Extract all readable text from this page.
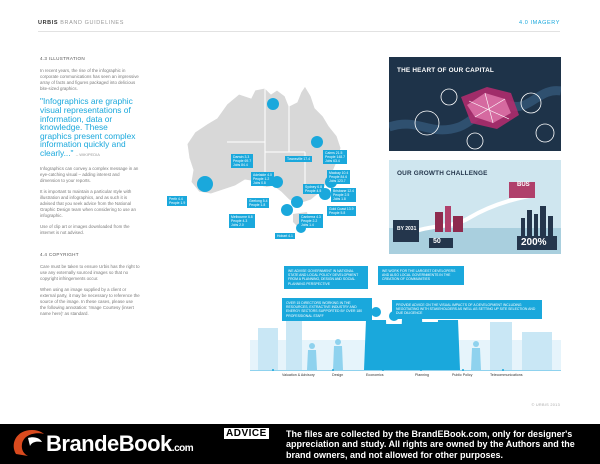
URBIS BRAND GUIDELINES	4.0 IMAGERY
4.3 ILLUSTRATION

In recent years, the rise of the infographic in corporate communications has seen an impressive array of facts and figures packaged into delicious bite-sized graphics.

"Infographics are graphic visual representations of information, data or knowledge. These graphics present complex information quickly and clearly..." – WIKIPEDIA

Infographics can convey a complex message in an eye-catching visual – adding interest and dimension to your reports.

It is important to maintain a particular style with illustration and infographics, and as such it is advised that you seek advice from the National Graphic Design team when considering to use an infographic.

Use of clip art or images downloaded from the internet is not advised.

4.4 COPYRIGHT

Care must be taken to ensure Urbis has the right to use any externally sourced images so that no copyright infringements occur.

When using an image supplied by a client or external party, it may be necessary to reference the source of the image. In these cases, please use the following annotation: 'Image Courtesy (insert name here)' as standard.

Darwin 3.3
People 69.7
Jobs 84.4
Townsville 17.4
Cairns 21.5
People 148.7
Jobs 63.4
Mackay 10.4
People 84.6
Jobs 123.7
Brisbane 12.4
People 2.5
Jobs 1.8
Gold Coast 13.9
People 5.8
Perth 4.4
People 1.9
Adelaide 4.0
People 1.2
Jobs 0.8
Sydney 6.8
People 4.5
Canberra 4.3
People 2.2
Jobs 1.4
Hobart 4.1
Melbourne 6.8
People 4.3
Jobs 2.0
Geelong 5.4
People 1.8
THE HEART OF OUR CAPITAL
OUR GROWTH CHALLENGE
BUS
BY 2031
50	200%
WE ADVISE GOVERNMENT IN NATIONAL STATE AND LOCAL POLICY DEVELOPMENT FROM A PLANNING, DESIGN AND SOCIAL PLANNING PERSPECTIVE
WE WORK FOR THE LARGEST DEVELOPERS AND ALSO LOCAL GOVERNMENTS IN THE CREATION OF COMMUNITIES
OVER 15 DIRECTORS WORKING IN THE RESOURCES, EXTRACTIVE INDUSTRY AND ENERGY SECTORS SUPPORTED BY OVER 180 PROFESSIONAL STAFF
PROVIDE ADVICE ON THE VISUAL IMPACTS OF A DEVELOPMENT INCLUDING NEGOTIATING WITH STAKEHOLDERS AS WELL AS SETTING UP SITE SELECTION AND DUE DILIGENCE
Valuation & Advisory	Design	Economics	Planning	Public Policy	Telecommunications
© URBIS 2013
BrandeBook.com
ADVICE The files are collected by the BrandEBook.com, only for designer's appreciation and study. All rights are owned by the Authors and the brand owners, and not allowed for other purposes.
